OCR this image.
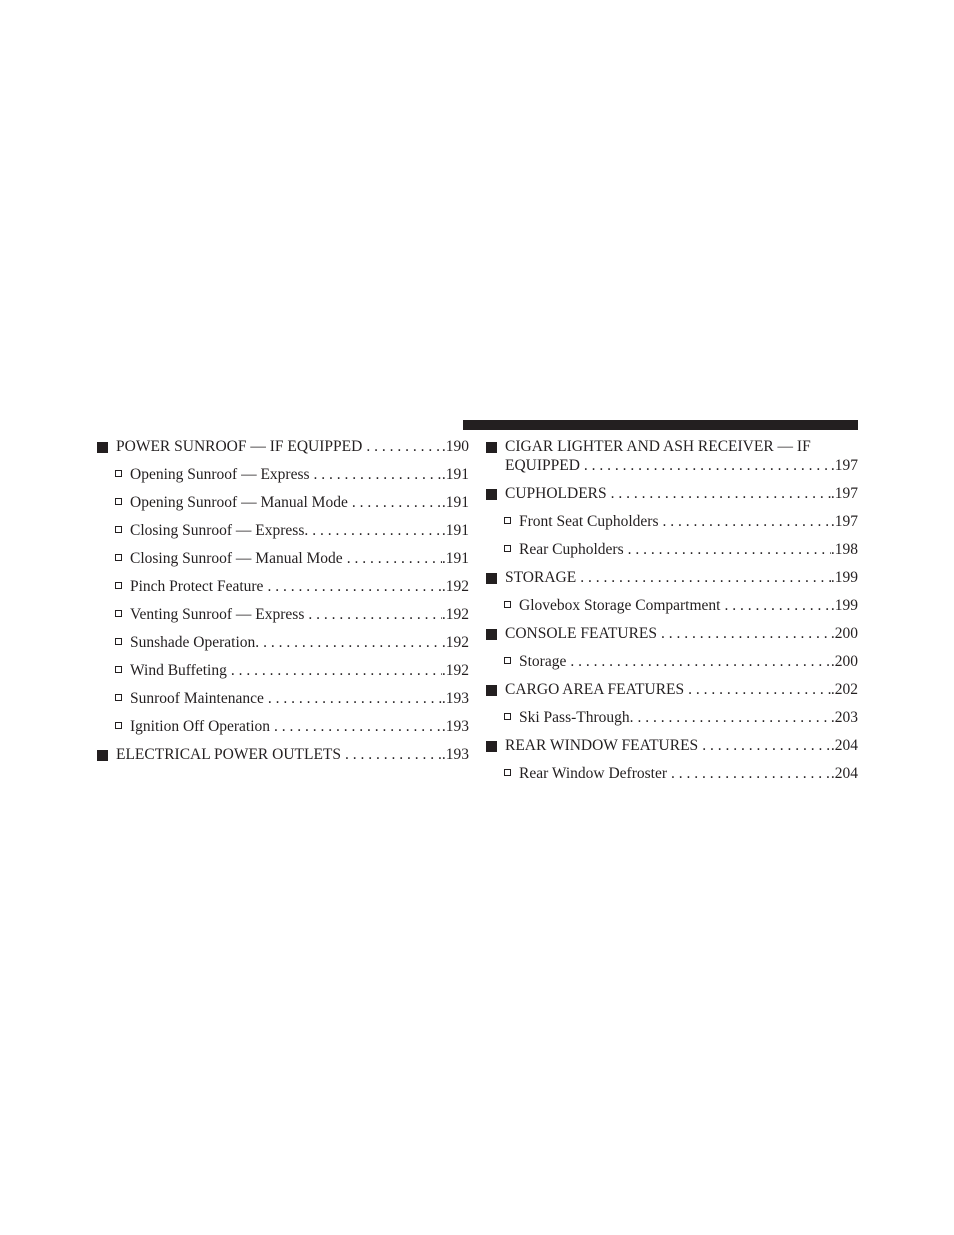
POWER SUNROOF — IF EQUIPPED . . .	.190
Opening Sunroof — Express . . .	.191
Opening Sunroof — Manual Mode . . .	.191
Closing Sunroof — Express. . . .	.191
Closing Sunroof — Manual Mode . . .	.191
Pinch Protect Feature . . .	.192
Venting Sunroof — Express . . .	.192
Sunshade Operation. . . .	.192
Wind Buffeting . . .	.192
Sunroof Maintenance . . .	.193
Ignition Off Operation . . .	.193
ELECTRICAL POWER OUTLETS . . .	.193
CIGAR LIGHTER AND ASH RECEIVER — IF
EQUIPPED . . .	.197
CUPHOLDERS . . .	.197
Front Seat Cupholders . . .	.197
Rear Cupholders . . .	.198
STORAGE . . .	.199
Glovebox Storage Compartment . . .	.199
CONSOLE FEATURES . . .	.200
Storage . . .	.200
CARGO AREA FEATURES . . .	.202
Ski Pass-Through. . . .	.203
REAR WINDOW FEATURES . . .	.204
Rear Window Defroster . . .	.204
